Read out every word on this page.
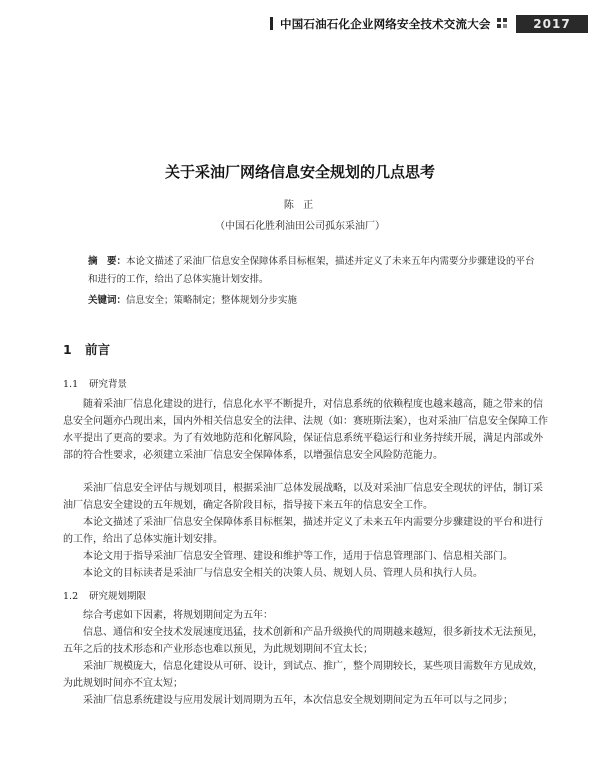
中国石油石化企业网络安全技术交流大会	2017
关于采油厂网络信息安全规划的几点思考
陈 正
（中国石化胜利油田公司孤东采油厂）
摘　要：本论文描述了采油厂信息安全保障体系目标框架，描述并定义了未来五年内需要分步骤建设的平台和进行的工作，给出了总体实施计划安排。
关键词：信息安全；策略制定；整体规划分步实施
1 前言
1.1 研究背景

随着采油厂信息化建设的进行，信息化水平不断提升，对信息系统的依赖程度也越来越高，随之带来的信息安全问题亦凸现出来，国内外相关信息安全的法律、法规（如：赛班斯法案），也对采油厂信息安全保障工作水平提出了更高的要求。为了有效地防范和化解风险，保证信息系统平稳运行和业务持续开展，满足内部或外部的符合性要求，必须建立采油厂信息安全保障体系，以增强信息安全风险防范能力。

采油厂信息安全评估与规划项目，根据采油厂总体发展战略，以及对采油厂信息安全现状的评估，制订采油厂信息安全建设的五年规划，确定各阶段目标，指导接下来五年的信息安全工作。

本论文描述了采油厂信息安全保障体系目标框架，描述并定义了未来五年内需要分步骤建设的平台和进行的工作，给出了总体实施计划安排。

本论文用于指导采油厂信息安全管理、建设和维护等工作，适用于信息管理部门、信息相关部门。

本论文的目标读者是采油厂与信息安全相关的决策人员、规划人员、管理人员和执行人员。

1.2 研究规划期限

综合考虑如下因素，将规划期间定为五年：

信息、通信和安全技术发展速度迅猛，技术创新和产品升级换代的周期越来越短，很多新技术无法预见，五年之后的技术形态和产业形态也难以预见，为此规划期间不宜太长；

采油厂规模庞大，信息化建设从可研、设计，到试点、推广，整个周期较长，某些项目需数年方见成效，为此规划时间亦不宜太短；

采油厂信息系统建设与应用发展计划周期为五年，本次信息安全规划期间定为五年可以与之同步；
